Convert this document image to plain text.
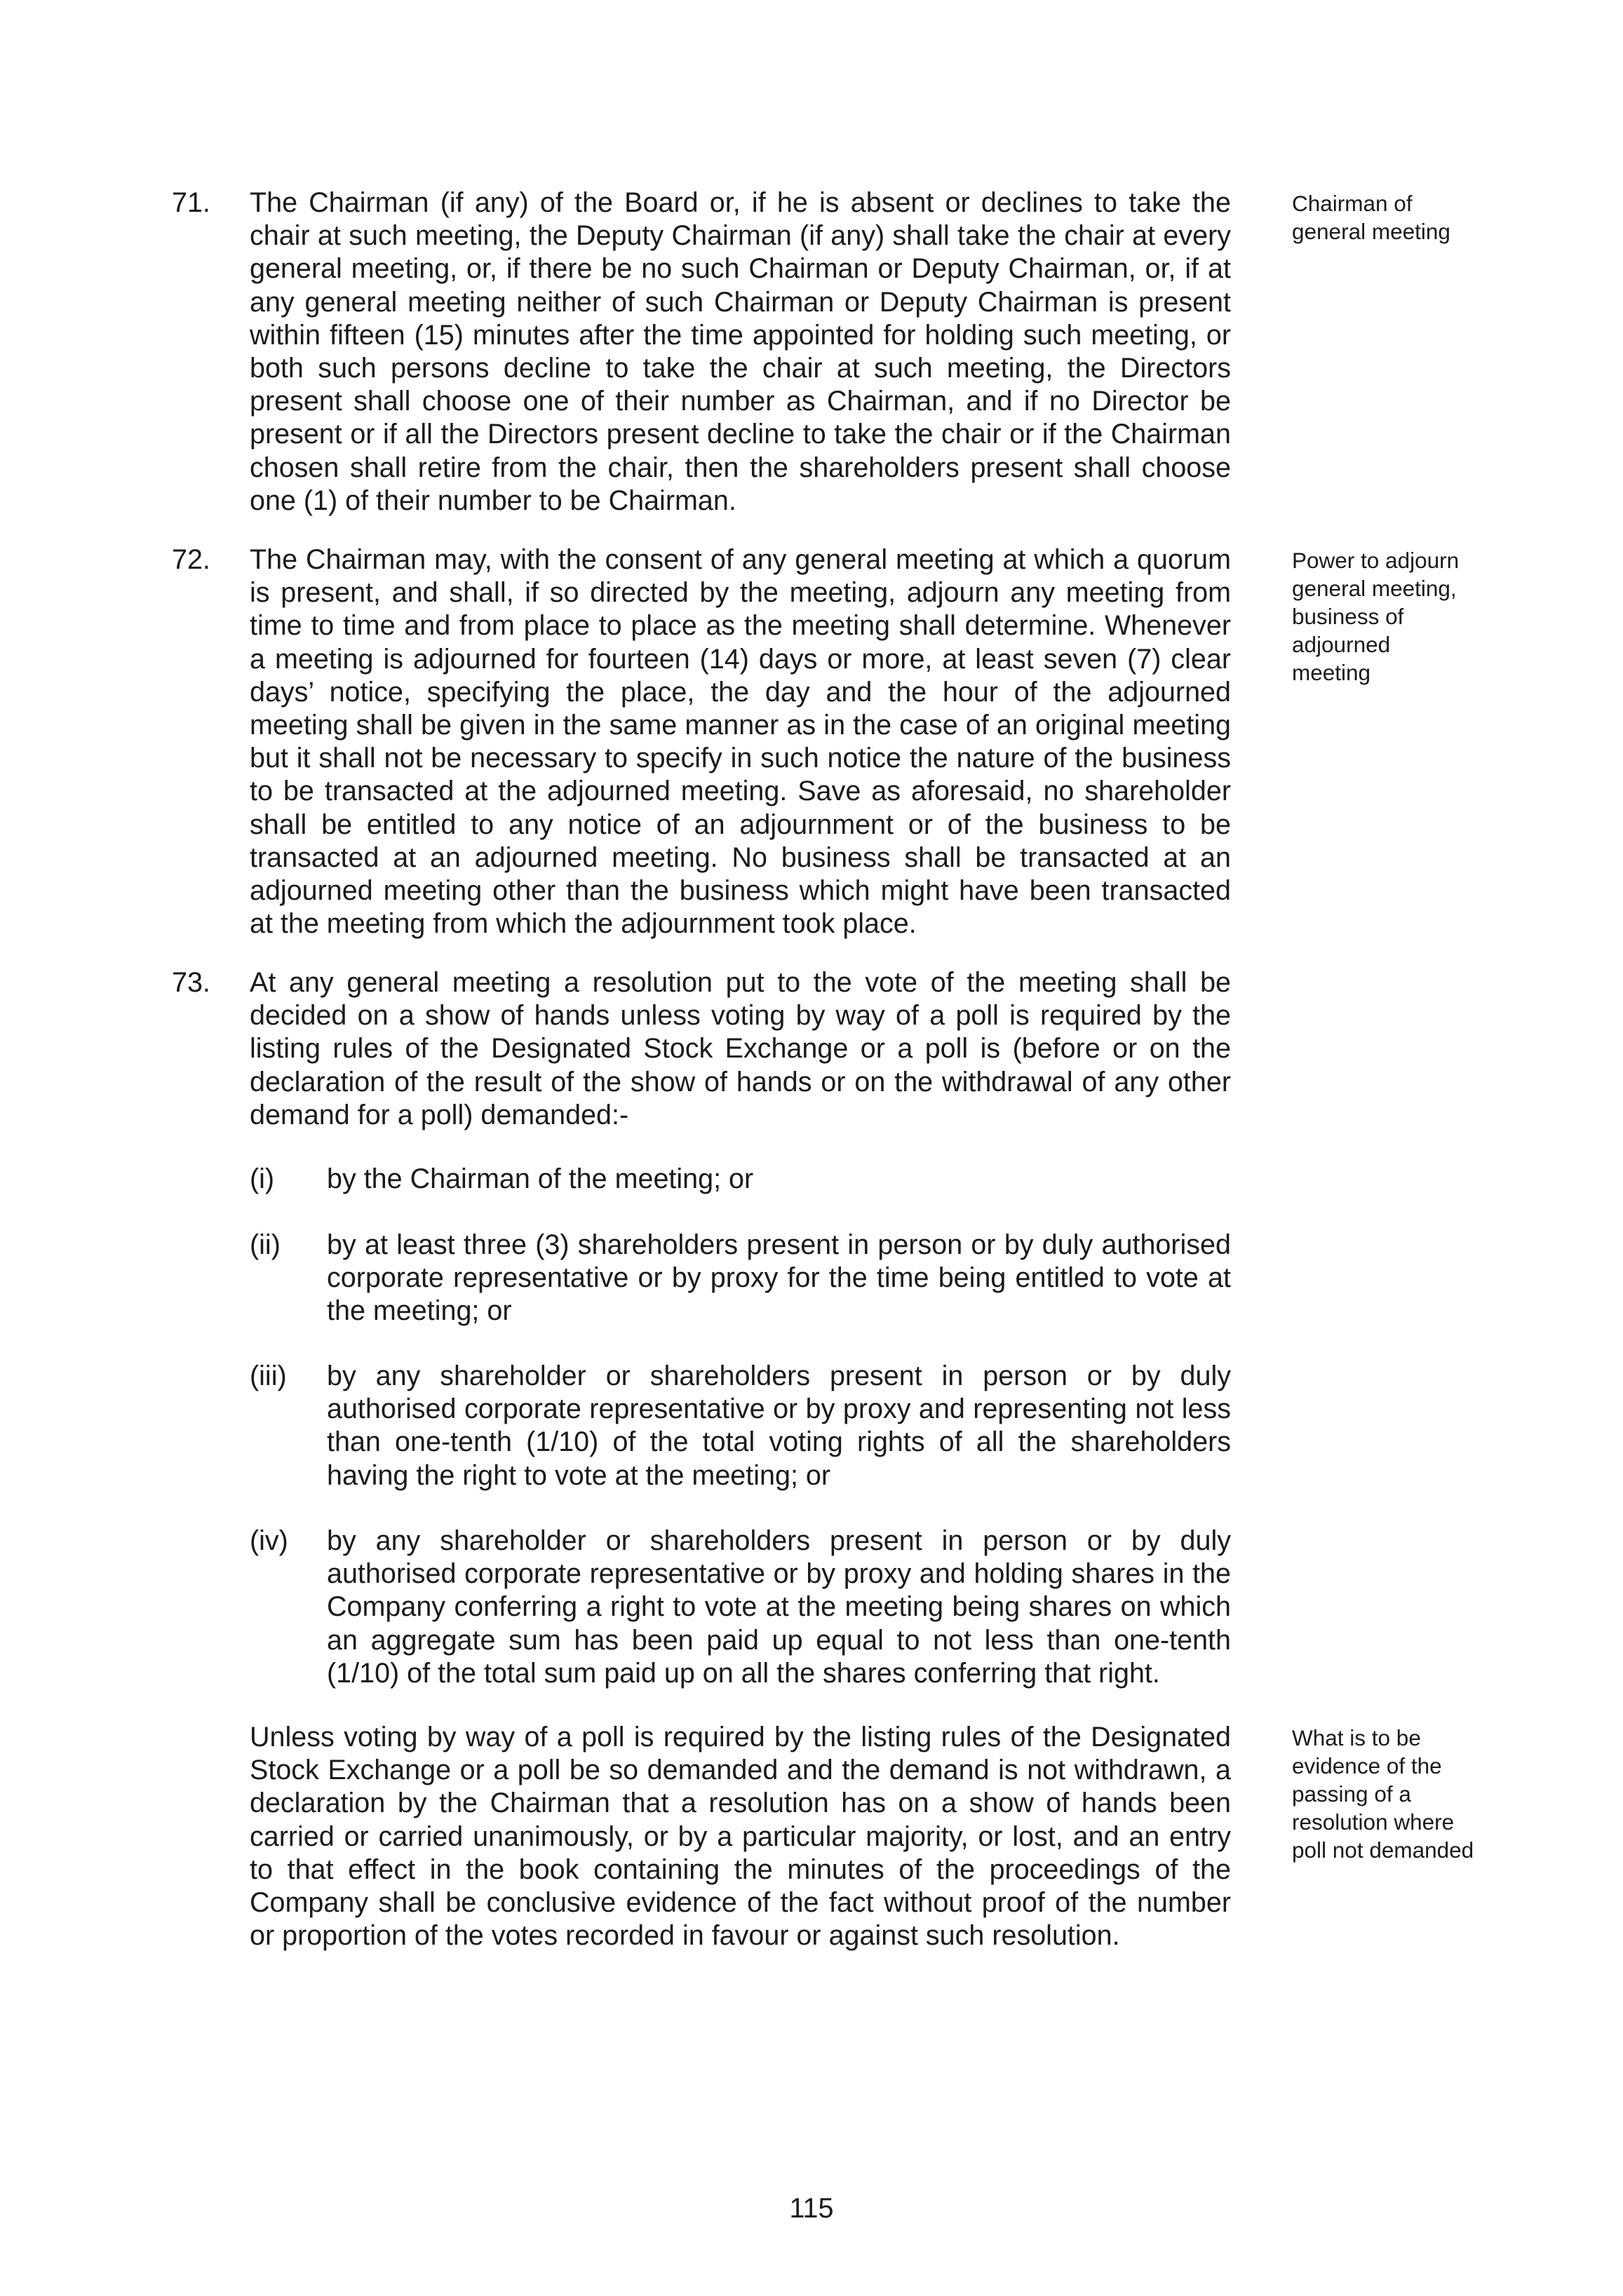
71. The Chairman (if any) of the Board or, if he is absent or declines to take the chair at such meeting, the Deputy Chairman (if any) shall take the chair at every general meeting, or, if there be no such Chairman or Deputy Chairman, or, if at any general meeting neither of such Chairman or Deputy Chairman is present within fifteen (15) minutes after the time appointed for holding such meeting, or both such persons decline to take the chair at such meeting, the Directors present shall choose one of their number as Chairman, and if no Director be present or if all the Directors present decline to take the chair or if the Chairman chosen shall retire from the chair, then the shareholders present shall choose one (1) of their number to be Chairman.

Chairman of general meeting

72. The Chairman may, with the consent of any general meeting at which a quorum is present, and shall, if so directed by the meeting, adjourn any meeting from time to time and from place to place as the meeting shall determine. Whenever a meeting is adjourned for fourteen (14) days or more, at least seven (7) clear days’ notice, specifying the place, the day and the hour of the adjourned meeting shall be given in the same manner as in the case of an original meeting but it shall not be necessary to specify in such notice the nature of the business to be transacted at the adjourned meeting. Save as aforesaid, no shareholder shall be entitled to any notice of an adjournment or of the business to be transacted at an adjourned meeting. No business shall be transacted at an adjourned meeting other than the business which might have been transacted at the meeting from which the adjournment took place.

Power to adjourn general meeting, business of adjourned meeting

73. At any general meeting a resolution put to the vote of the meeting shall be decided on a show of hands unless voting by way of a poll is required by the listing rules of the Designated Stock Exchange or a poll is (before or on the declaration of the result of the show of hands or on the withdrawal of any other demand for a poll) demanded:-

(i) by the Chairman of the meeting; or

(ii) by at least three (3) shareholders present in person or by duly authorised corporate representative or by proxy for the time being entitled to vote at the meeting; or

(iii) by any shareholder or shareholders present in person or by duly authorised corporate representative or by proxy and representing not less than one-tenth (1/10) of the total voting rights of all the shareholders having the right to vote at the meeting; or

(iv) by any shareholder or shareholders present in person or by duly authorised corporate representative or by proxy and holding shares in the Company conferring a right to vote at the meeting being shares on which an aggregate sum has been paid up equal to not less than one-tenth (1/10) of the total sum paid up on all the shares conferring that right.

Unless voting by way of a poll is required by the listing rules of the Designated Stock Exchange or a poll be so demanded and the demand is not withdrawn, a declaration by the Chairman that a resolution has on a show of hands been carried or carried unanimously, or by a particular majority, or lost, and an entry to that effect in the book containing the minutes of the proceedings of the Company shall be conclusive evidence of the fact without proof of the number or proportion of the votes recorded in favour or against such resolution.

What is to be evidence of the passing of a resolution where poll not demanded

115
